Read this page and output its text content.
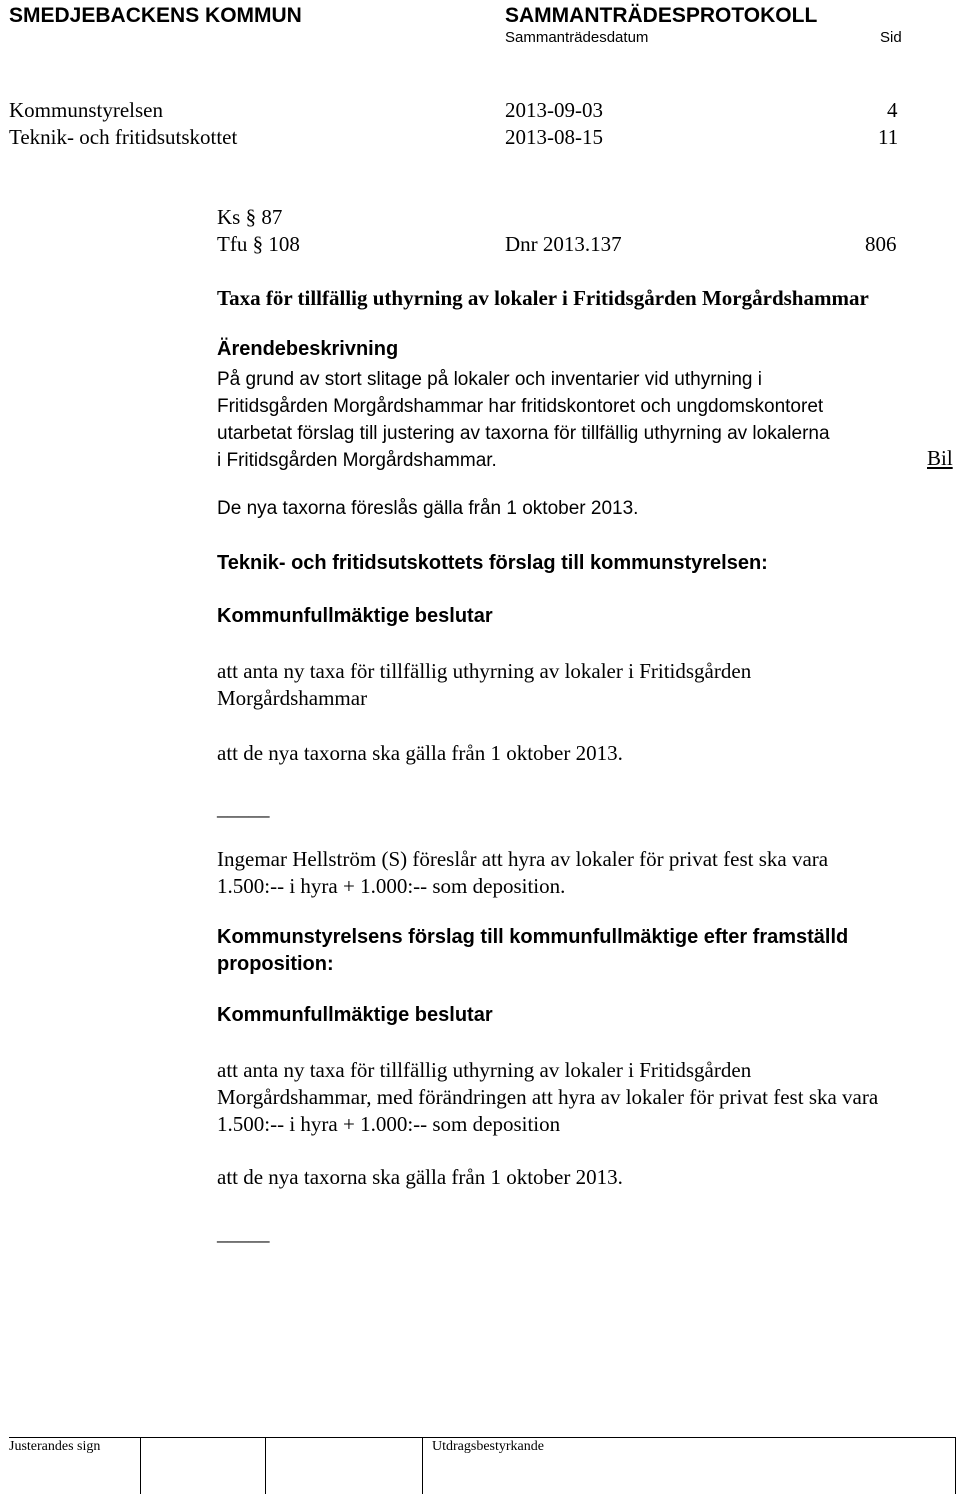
SMEDJEBACKENS KOMMUN	SAMMANTRÄDESPROTOKOLL
Sammanträdesdatum	Sid
Kommunstyrelsen	2013-09-03	4
Teknik- och fritidsutskottet	2013-08-15	11
Ks § 87
Tfu § 108	Dnr 2013.137	806
Taxa för tillfällig uthyrning av lokaler i Fritidsgården Morgårdshammar
Ärendebeskrivning
På grund av stort slitage på lokaler och inventarier vid uthyrning i
Fritidsgården Morgårdshammar har fritidskontoret och ungdomskontoret
utarbetat förslag till justering av taxorna för tillfällig uthyrning av lokalerna
i Fritidsgården Morgårdshammar.	Bil
De nya taxorna föreslås gälla från 1 oktober 2013.
Teknik- och fritidsutskottets förslag till kommunstyrelsen:
Kommunfullmäktige beslutar
att anta ny taxa för tillfällig uthyrning av lokaler i Fritidsgården
Morgårdshammar
att de nya taxorna ska gälla från 1 oktober 2013.
_____
Ingemar Hellström (S) föreslår att hyra av lokaler för privat fest ska vara
1.500:-- i hyra + 1.000:-- som deposition.
Kommunstyrelsens förslag till kommunfullmäktige efter framställd
proposition:
Kommunfullmäktige beslutar
att anta ny taxa för tillfällig uthyrning av lokaler i Fritidsgården
Morgårdshammar, med förändringen att hyra av lokaler för privat fest ska vara
1.500:-- i hyra + 1.000:-- som deposition
att de nya taxorna ska gälla från 1 oktober 2013.
_____
Justerandes sign	Utdragsbestyrkande
